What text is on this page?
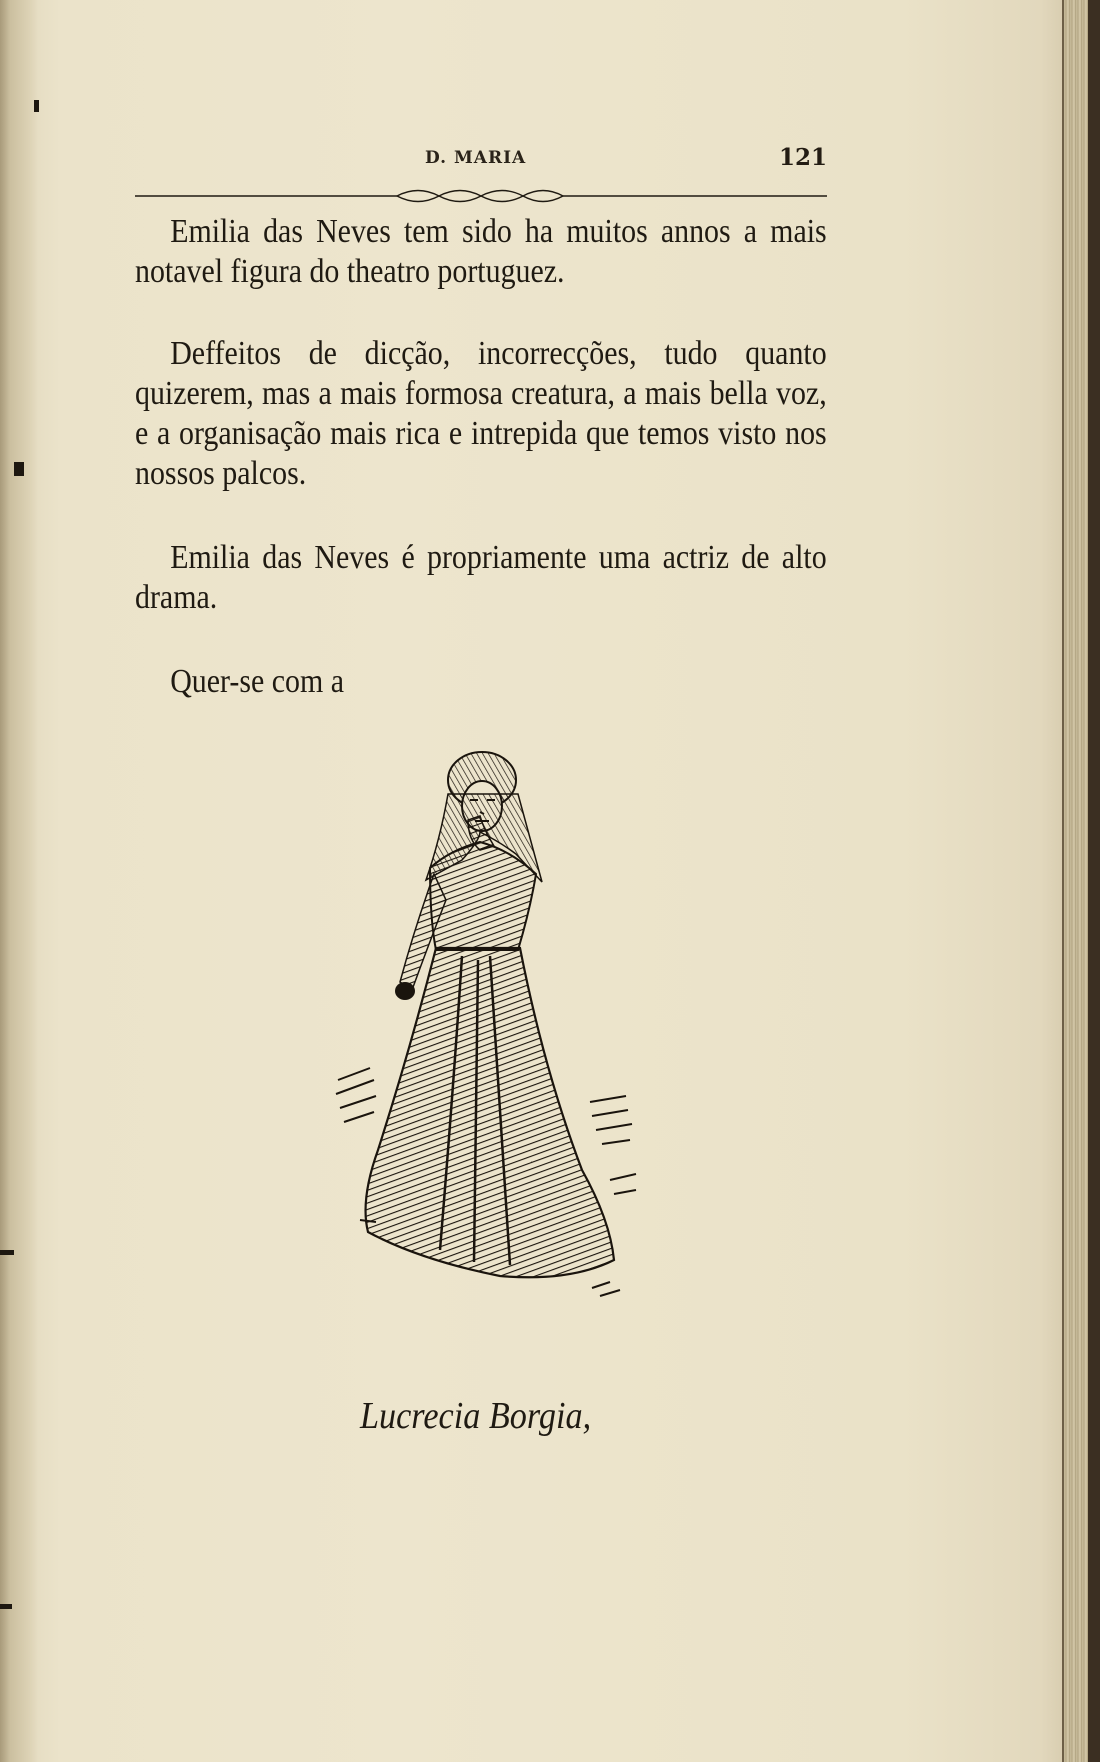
D. MARIA	121

Emilia das Neves tem sido ha muitos annos a mais notavel figura do theatro portuguez.

Deffeitos de dicção, incorrecções, tudo quanto quizerem, mas a mais formosa creatura, a mais bella voz, e a organisação mais rica e intrepida que temos visto nos nossos palcos.

Emilia das Neves é propriamente uma actriz de alto drama.

Quer-se com a

Lucrecia Borgia,
